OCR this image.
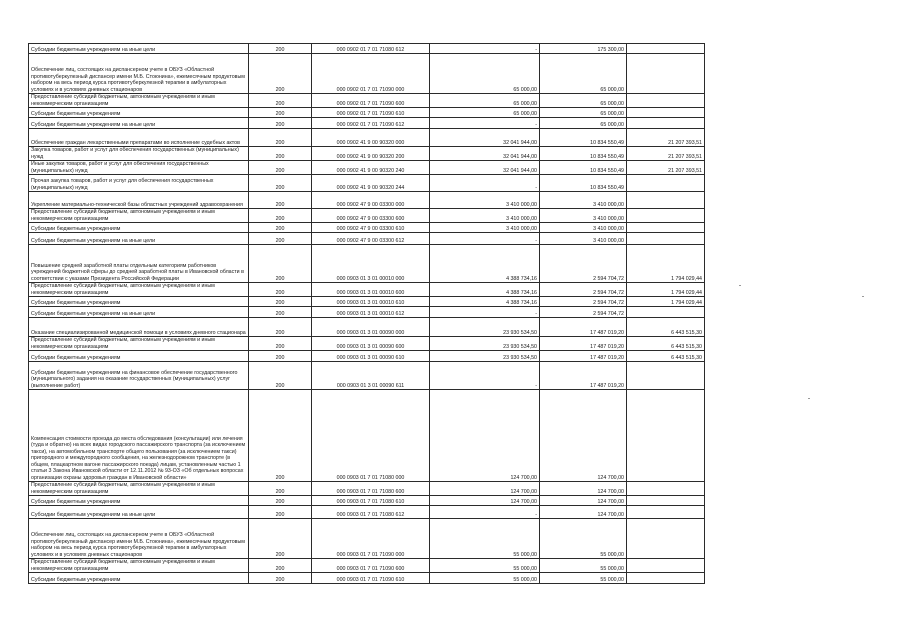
Субсидии бюджетным учреждениям на иные цели	200	000 0902 01 7 01 71080 612	-	175 300,00	
Обеспечение лиц, состоящих на диспансерном учете в ОБУЗ «Областной противотуберкулезный диспансер имени М.Б. Стоюнина», ежемесячным продуктовым набором на весь период курса противотуберкулезной терапии в амбулаторных условиях и в условиях дневных стационаров	200	000 0902 01 7 01 71090 000	65 000,00	65 000,00	
Предоставление субсидий бюджетным, автономным учреждениям и иным некоммерческим организациям	200	000 0902 01 7 01 71090 600	65 000,00	65 000,00	
Субсидии бюджетным учреждениям	200	000 0902 01 7 01 71090 610	65 000,00	65 000,00	
Субсидии бюджетным учреждениям на иные цели	200	000 0902 01 7 01 71090 612	-	65 000,00	
Обеспечение граждан лекарственными препаратами во исполнение судебных актов	200	000 0902 41 9 00 90320 000	32 041 944,00	10 834 550,49	21 207 393,51
Закупка товаров, работ и услуг для обеспечения государственных (муниципальных) нужд	200	000 0902 41 9 00 90320 200	32 041 944,00	10 834 550,49	21 207 393,51
Иные закупки товаров, работ и услуг для обеспечения государственных (муниципальных) нужд	200	000 0902 41 9 00 90320 240	32 041 944,00	10 834 550,49	21 207 393,51
Прочая закупка товаров, работ и услуг для обеспечения государственных (муниципальных) нужд	200	000 0902 41 9 00 90320 244	-	10 834 550,49	
Укрепление материально-технической базы областных учреждений здравоохранения	200	000 0902 47 9 00 03300 000	3 410 000,00	3 410 000,00	
Предоставление субсидий бюджетным, автономным учреждениям и иным некоммерческим организациям	200	000 0902 47 9 00 03300 600	3 410 000,00	3 410 000,00	
Субсидии бюджетным учреждениям	200	000 0902 47 9 00 03300 610	3 410 000,00	3 410 000,00	
Субсидии бюджетным учреждениям на иные цели	200	000 0902 47 9 00 03300 612	-	3 410 000,00	
Повышение средней заработной платы отдельным категориям работников учреждений бюджетной сферы до средней заработной платы в Ивановской области в соответствии с указами Президента Российской Федерации	200	000 0903 01 3 01 00010 000	4 388 734,16	2 594 704,72	1 794 029,44
Предоставление субсидий бюджетным, автономным учреждениям и иным некоммерческим организациям	200	000 0903 01 3 01 00010 600	4 388 734,16	2 594 704,72	1 794 029,44
Субсидии бюджетным учреждениям	200	000 0903 01 3 01 00010 610	4 388 734,16	2 594 704,72	1 794 029,44
Субсидии бюджетным учреждениям на иные цели	200	000 0903 01 3 01 00010 612	-	2 594 704,72	
Оказание специализированной медицинской помощи в условиях дневного стационара	200	000 0903 01 3 01 00090 000	23 930 534,50	17 487 019,20	6 443 515,30
Предоставление субсидий бюджетным, автономным учреждениям и иным некоммерческим организациям	200	000 0903 01 3 01 00090 600	23 930 534,50	17 487 019,20	6 443 515,30
Субсидии бюджетным учреждениям	200	000 0903 01 3 01 00090 610	23 930 534,50	17 487 019,20	6 443 515,30
Субсидии бюджетным учреждениям на финансовое обеспечение государственного (муниципального) задания на оказание государственных (муниципальных) услуг (выполнение работ)	200	000 0903 01 3 01 00090 611	-	17 487 019,20	
Компенсация стоимости проезда до места обследования (консультации) или лечения (туда и обратно) на всех видах городского пассажирского транспорта (за исключением такси), на автомобильном транспорте общего пользования (за исключением такси) пригородного и междугородного сообщения, на железнодорожном транспорте (в общем, плацкартном вагоне пассажирского поезда) лицам, установленным частью 1 статьи 3 Закона Ивановской области от 12.11.2012 № 93-ОЗ «Об отдельных вопросах организации охраны здоровья граждан в Ивановской области»	200	000 0903 01 7 01 71080 000	124 700,00	124 700,00	
Предоставление субсидий бюджетным, автономным учреждениям и иным некоммерческим организациям	200	000 0903 01 7 01 71080 600	124 700,00	124 700,00	
Субсидии бюджетным учреждениям	200	000 0903 01 7 01 71080 610	124 700,00	124 700,00	
Субсидии бюджетным учреждениям на иные цели	200	000 0903 01 7 01 71080 612	-	124 700,00	
Обеспечение лиц, состоящих на диспансерном учете в ОБУЗ «Областной противотуберкулезный диспансер имени М.Б. Стоюнина», ежемесячным продуктовым набором на весь период курса противотуберкулезной терапии в амбулаторных условиях и в условиях дневных стационаров	200	000 0903 01 7 01 71090 000	55 000,00	55 000,00	
Предоставление субсидий бюджетным, автономным учреждениям и иным некоммерческим организациям	200	000 0903 01 7 01 71090 600	55 000,00	55 000,00	
Субсидии бюджетным учреждениям	200	000 0903 01 7 01 71090 610	55 000,00	55 000,00	
